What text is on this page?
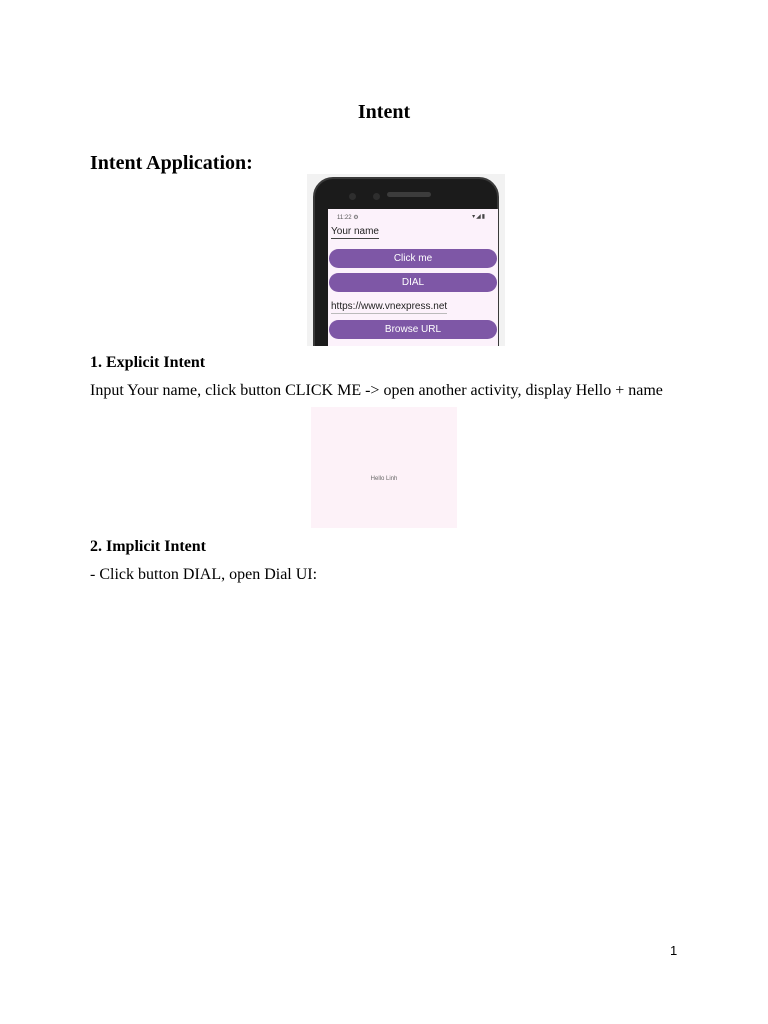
Intent
Intent Application:
11:22 ⚙	▾◢▮
Your name
Click me
DIAL
https://www.vnexpress.net
Browse URL
1. Explicit Intent
Input Your name, click button CLICK ME -> open another activity, display Hello + name
Hello Linh
2. Implicit Intent
- Click button DIAL, open Dial UI:
1
